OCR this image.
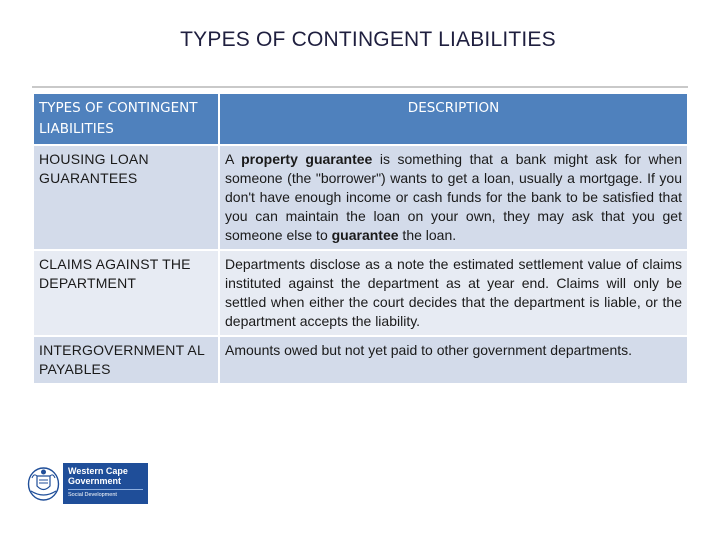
TYPES OF CONTINGENT LIABILITIES
TYPES OF CONTINGENT LIABILITIES	DESCRIPTION
HOUSING LOAN GUARANTEES	A property guarantee is something that a bank might ask for when someone (the "borrower") wants to get a loan, usually a mortgage. If you don't have enough income or cash funds for the bank to be satisfied that you can maintain the loan on your own, they may ask that you get someone else to guarantee the loan.
CLAIMS AGAINST THE DEPARTMENT	Departments disclose as a note the estimated settlement value of claims instituted against the department as at year end. Claims will only be settled when either the court decides that the department is liable, or the department accepts the liability.
INTERGOVERNMENT AL PAYABLES	Amounts owed but not yet paid to other government departments.
Western Cape
Government
Social Development
